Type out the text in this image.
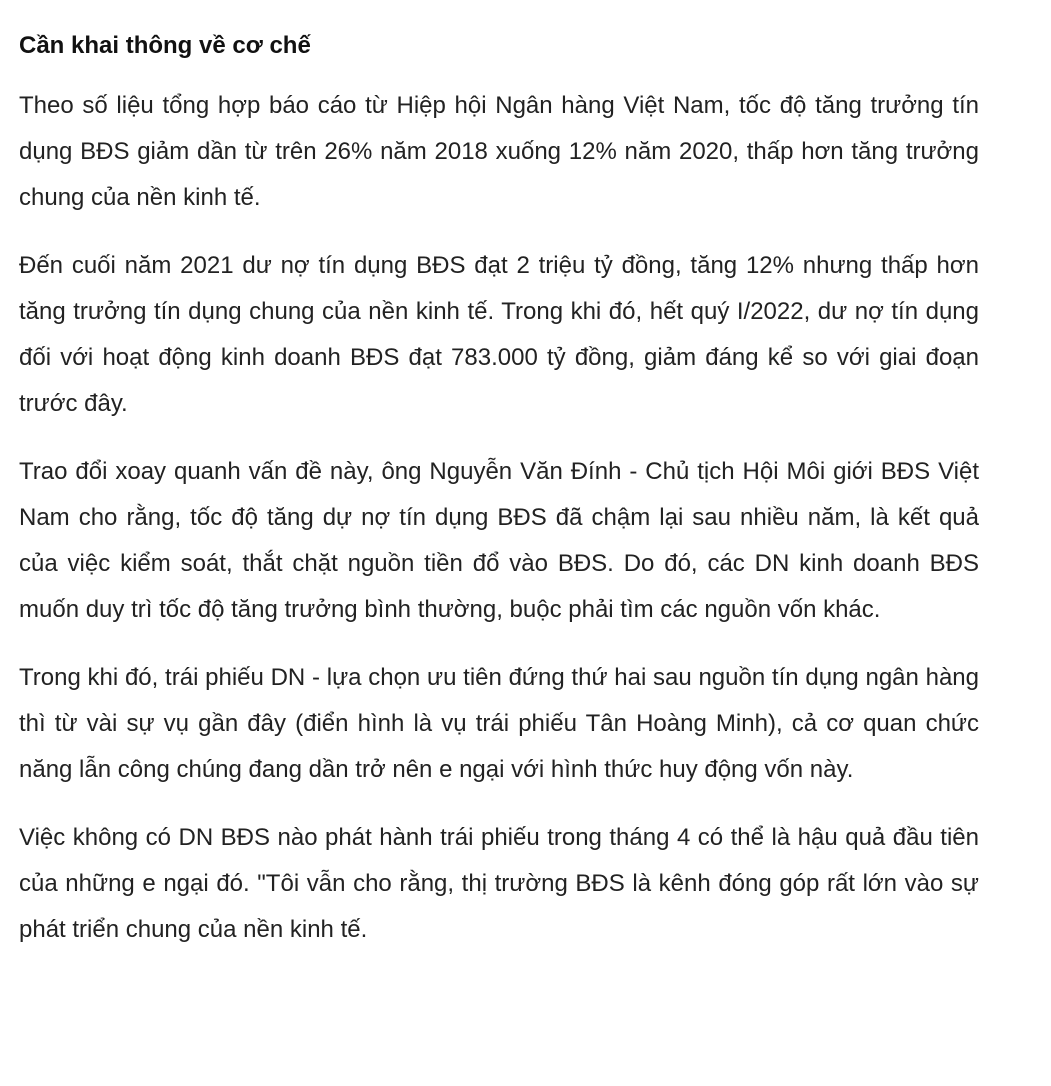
Cần khai thông về cơ chế

Theo số liệu tổng hợp báo cáo từ Hiệp hội Ngân hàng Việt Nam, tốc độ tăng trưởng tín dụng BĐS giảm dần từ trên 26% năm 2018 xuống 12% năm 2020, thấp hơn tăng trưởng chung của nền kinh tế.

Đến cuối năm 2021 dư nợ tín dụng BĐS đạt 2 triệu tỷ đồng, tăng 12% nhưng thấp hơn tăng trưởng tín dụng chung của nền kinh tế. Trong khi đó, hết quý I/2022, dư nợ tín dụng đối với hoạt động kinh doanh BĐS đạt 783.000 tỷ đồng, giảm đáng kể so với giai đoạn trước đây.

Trao đổi xoay quanh vấn đề này, ông Nguyễn Văn Đính - Chủ tịch Hội Môi giới BĐS Việt Nam cho rằng, tốc độ tăng dự nợ tín dụng BĐS đã chậm lại sau nhiều năm, là kết quả của việc kiểm soát, thắt chặt nguồn tiền đổ vào BĐS. Do đó, các DN kinh doanh BĐS muốn duy trì tốc độ tăng trưởng bình thường, buộc phải tìm các nguồn vốn khác.

Trong khi đó, trái phiếu DN - lựa chọn ưu tiên đứng thứ hai sau nguồn tín dụng ngân hàng thì từ vài sự vụ gần đây (điển hình là vụ trái phiếu Tân Hoàng Minh), cả cơ quan chức năng lẫn công chúng đang dần trở nên e ngại với hình thức huy động vốn này.

Việc không có DN BĐS nào phát hành trái phiếu trong tháng 4 có thể là hậu quả đầu tiên của những e ngại đó. "Tôi vẫn cho rằng, thị trường BĐS là kênh đóng góp rất lớn vào sự phát triển chung của nền kinh tế.
